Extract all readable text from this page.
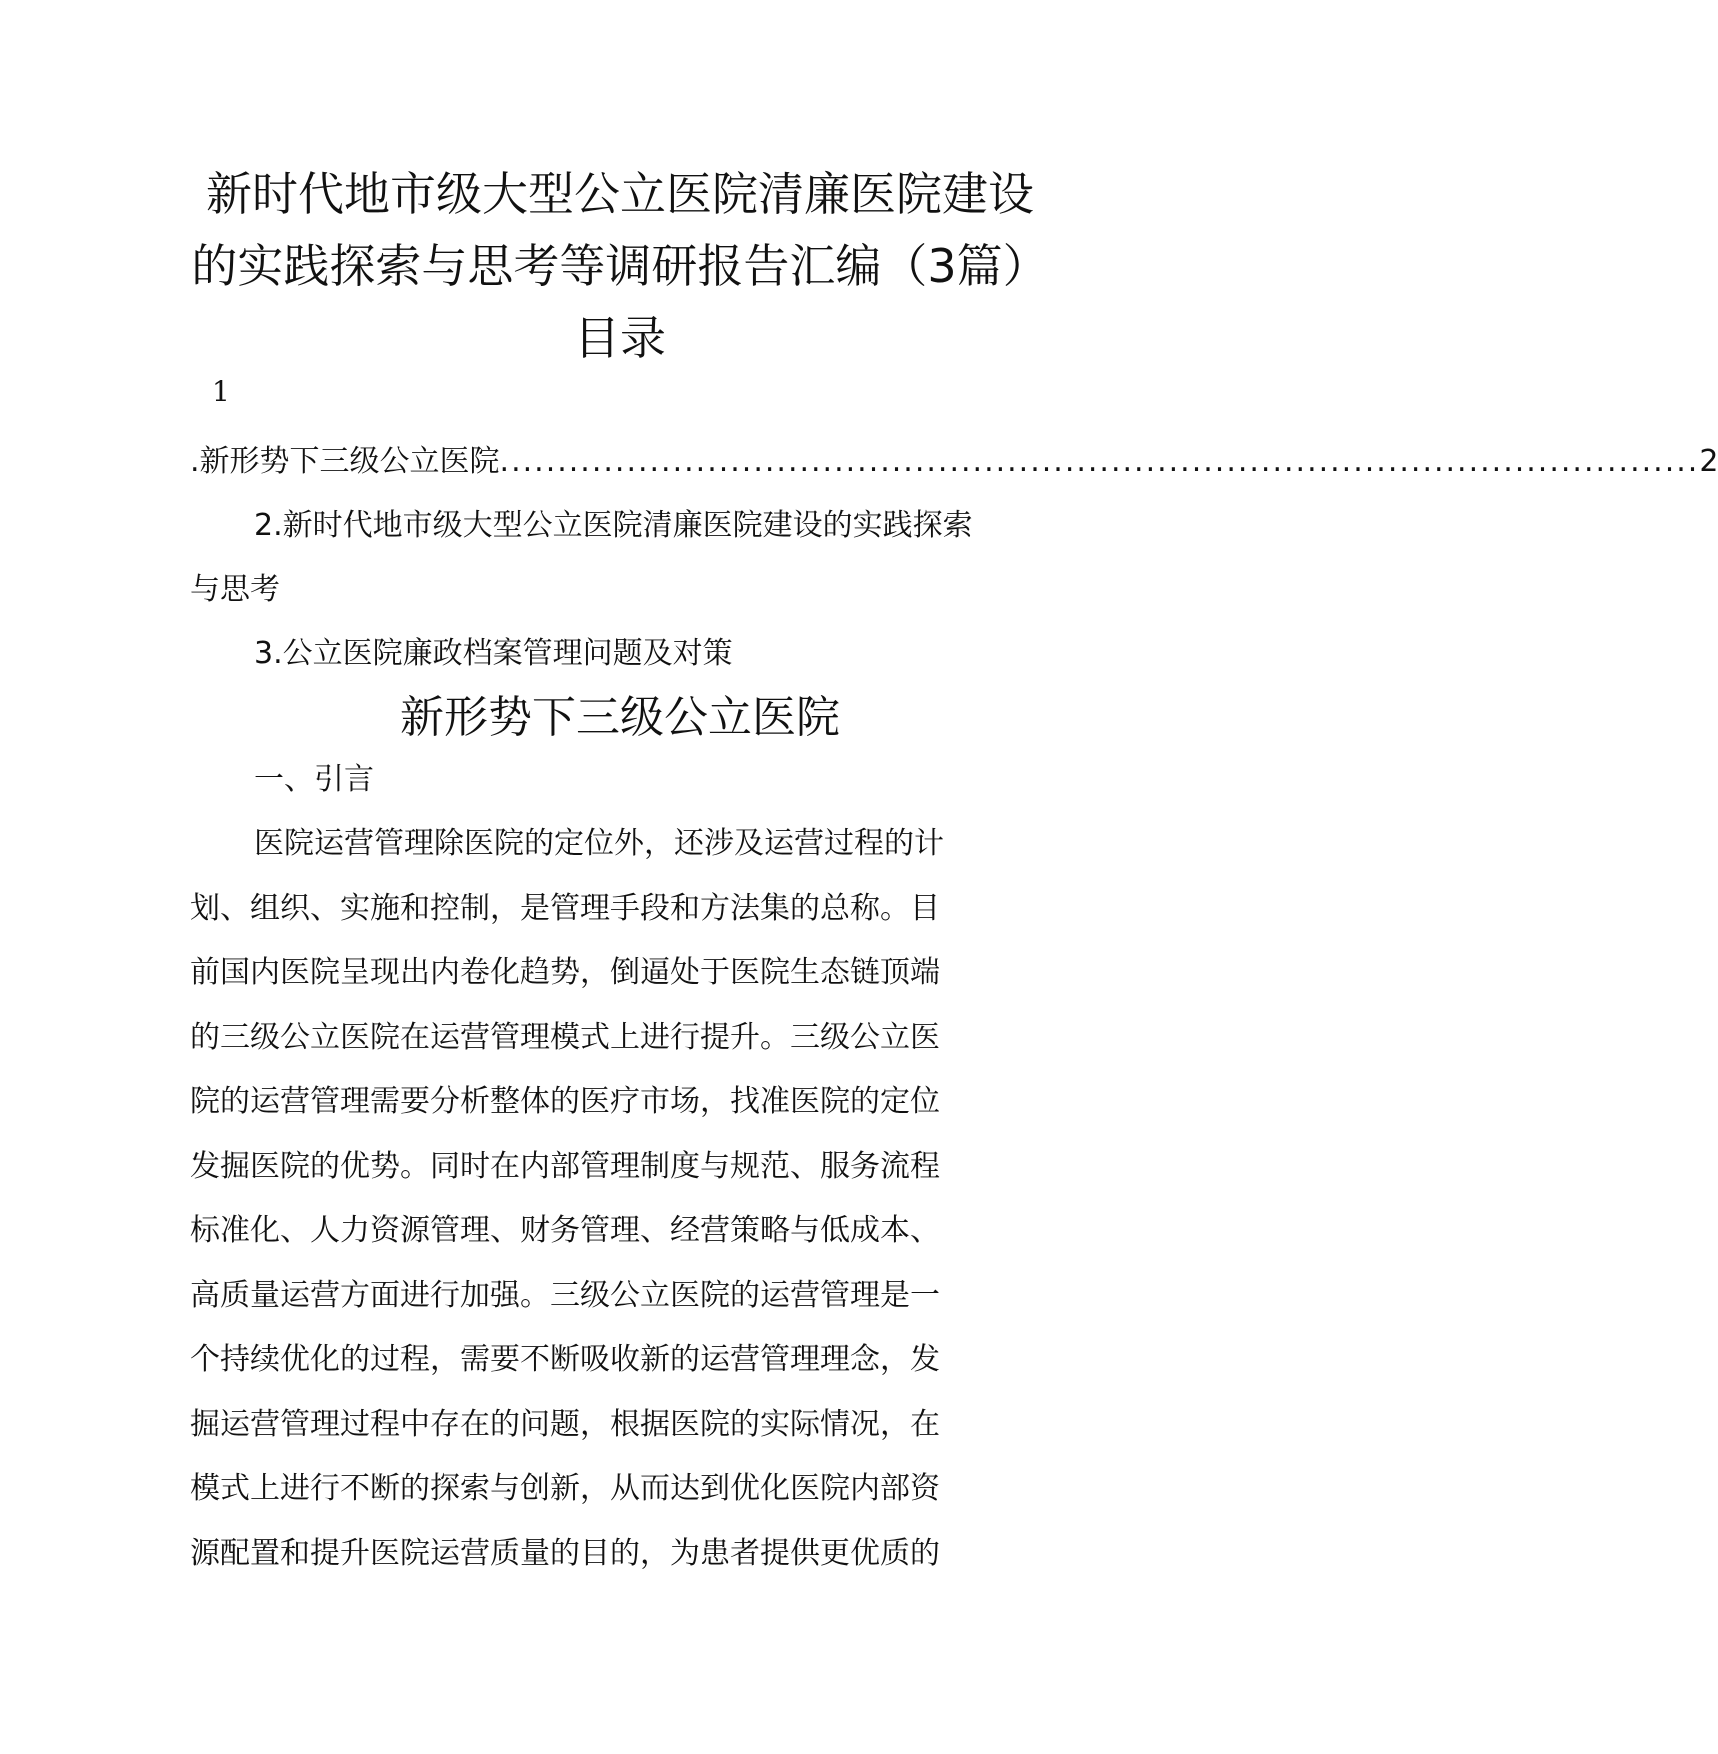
新时代地市级大型公立医院清廉医院建设
的实践探索与思考等调研报告汇编（3篇）
目录
1
.新形势下三级公立医院 ........................................................................................................ 2
2.新时代地市级大型公立医院清廉医院建设的实践探索
与思考
3.公立医院廉政档案管理问题及对策
新形势下三级公立医院
一、引言
医院运营管理除医院的定位外，还涉及运营过程的计
划、组织、实施和控制，是管理手段和方法集的总称。目
前国内医院呈现出内卷化趋势，倒逼处于医院生态链顶端
的三级公立医院在运营管理模式上进行提升。三级公立医
院的运营管理需要分析整体的医疗市场，找准医院的定位
发掘医院的优势。同时在内部管理制度与规范、服务流程
标准化、人力资源管理、财务管理、经营策略与低成本、
高质量运营方面进行加强。三级公立医院的运营管理是一
个持续优化的过程，需要不断吸收新的运营管理理念，发
掘运营管理过程中存在的问题，根据医院的实际情况，在
模式上进行不断的探索与创新，从而达到优化医院内部资
源配置和提升医院运营质量的目的，为患者提供更优质的
